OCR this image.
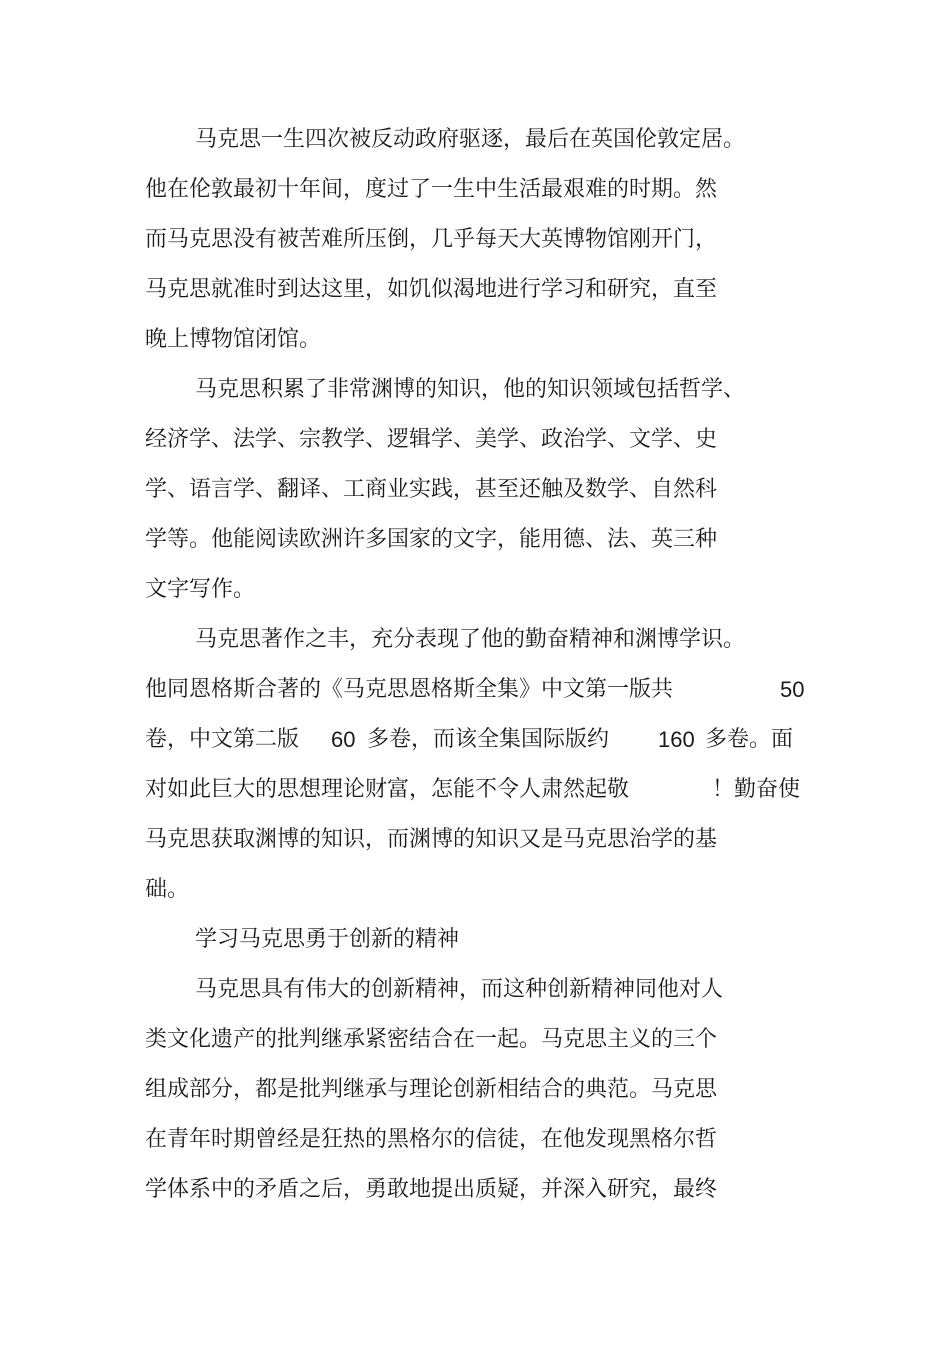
马克思一生四次被反动政府驱逐，最后在英国伦敦定居。
他在伦敦最初十年间，度过了一生中生活最艰难的时期。然
而马克思没有被苦难所压倒，几乎每天大英博物馆刚开门，
马克思就准时到达这里，如饥似渴地进行学习和研究，直至
晚上博物馆闭馆。
马克思积累了非常渊博的知识，他的知识领域包括哲学、
经济学、法学、宗教学、逻辑学、美学、政治学、文学、史
学、语言学、翻译、工商业实践，甚至还触及数学、自然科
学等。他能阅读欧洲许多国家的文字，能用德、法、英三种
文字写作。
马克思著作之丰，充分表现了他的勤奋精神和渊博学识。
他同恩格斯合著的《马克思恩格斯全集》中文第一版共	50
卷，中文第二版 60 多卷，而该全集国际版约 160 多卷。面
对如此巨大的思想理论财富，怎能不令人肃然起敬	！勤奋使
马克思获取渊博的知识，而渊博的知识又是马克思治学的基
础。
学习马克思勇于创新的精神
马克思具有伟大的创新精神，而这种创新精神同他对人
类文化遗产的批判继承紧密结合在一起。马克思主义的三个
组成部分，都是批判继承与理论创新相结合的典范。马克思
在青年时期曾经是狂热的黑格尔的信徒，在他发现黑格尔哲
学体系中的矛盾之后，勇敢地提出质疑，并深入研究，最终
